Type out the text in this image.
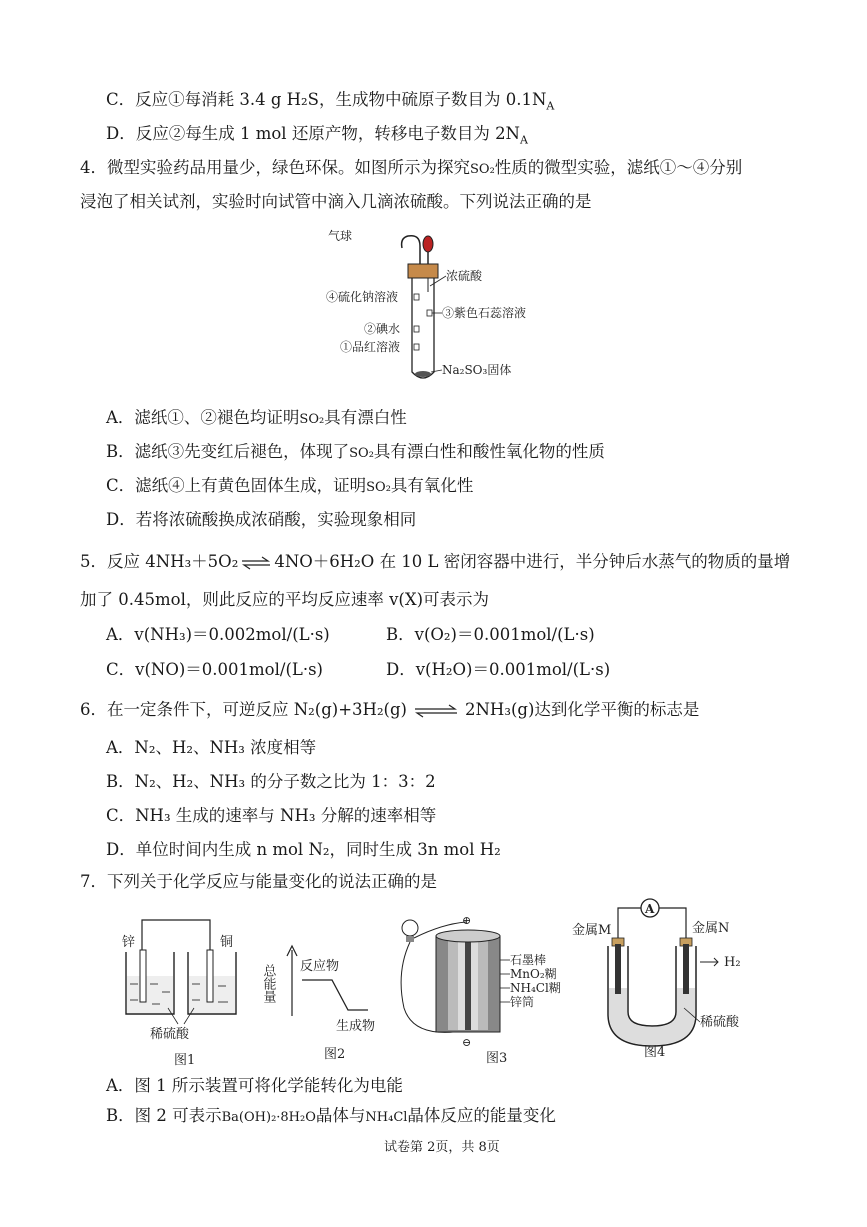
C．反应①每消耗 3.4 g H₂S，生成物中硫原子数目为 $0.1N_A$
D．反应②每生成 1 mol 还原产物，转移电子数目为 $2N_A$
4．微型实验药品用量少，绿色环保。如图所示为探究SO₂性质的微型实验，滤纸①～④分别
浸泡了相关试剂，实验时向试管中滴入几滴浓硫酸。下列说法正确的是
气球
浓硫酸
④硫化钠溶液
③紫色石蕊溶液
②碘水
①品红溶液
Na₂SO₃固体
A．滤纸①、②褪色均证明SO₂具有漂白性
B．滤纸③先变红后褪色，体现了SO₂具有漂白性和酸性氧化物的性质
C．滤纸④上有黄色固体生成，证明SO₂具有氧化性
D．若将浓硫酸换成浓硝酸，实验现象相同
5．反应 4NH₃＋5O₂ 4NO＋6H₂O 在 10 L 密闭容器中进行，半分钟后水蒸气的物质的量增
加了 0.45mol，则此反应的平均反应速率 v(X)可表示为
A．v(NH₃)＝0.002mol/(L·s)	B．v(O₂)＝0.001mol/(L·s)
C．v(NO)＝0.001mol/(L·s)	D．v(H₂O)＝0.001mol/(L·s)
6．在一定条件下，可逆反应 N₂(g)+3H₂(g)	2NH₃(g)达到化学平衡的标志是
A．N₂、H₂、NH₃ 浓度相等
B．N₂、H₂、NH₃ 的分子数之比为 1：3：2
C．NH₃ 生成的速率与 NH₃ 分解的速率相等
D．单位时间内生成 n mol N₂，同时生成 3n mol H₂
7．下列关于化学反应与能量变化的说法正确的是
锌	铜
稀硫酸
图1
总能量 反应物
生成物
图2
⊕
⊖
石墨棒
MnO₂糊
NH₄Cl糊
锌筒
图3
A
金属M	金属N
H₂
稀硫酸
图4
A．图 1 所示装置可将化学能转化为电能
B．图 2 可表示Ba(OH)₂·8H₂O晶体与NH₄Cl晶体反应的能量变化
试卷第 2页，共 8页
